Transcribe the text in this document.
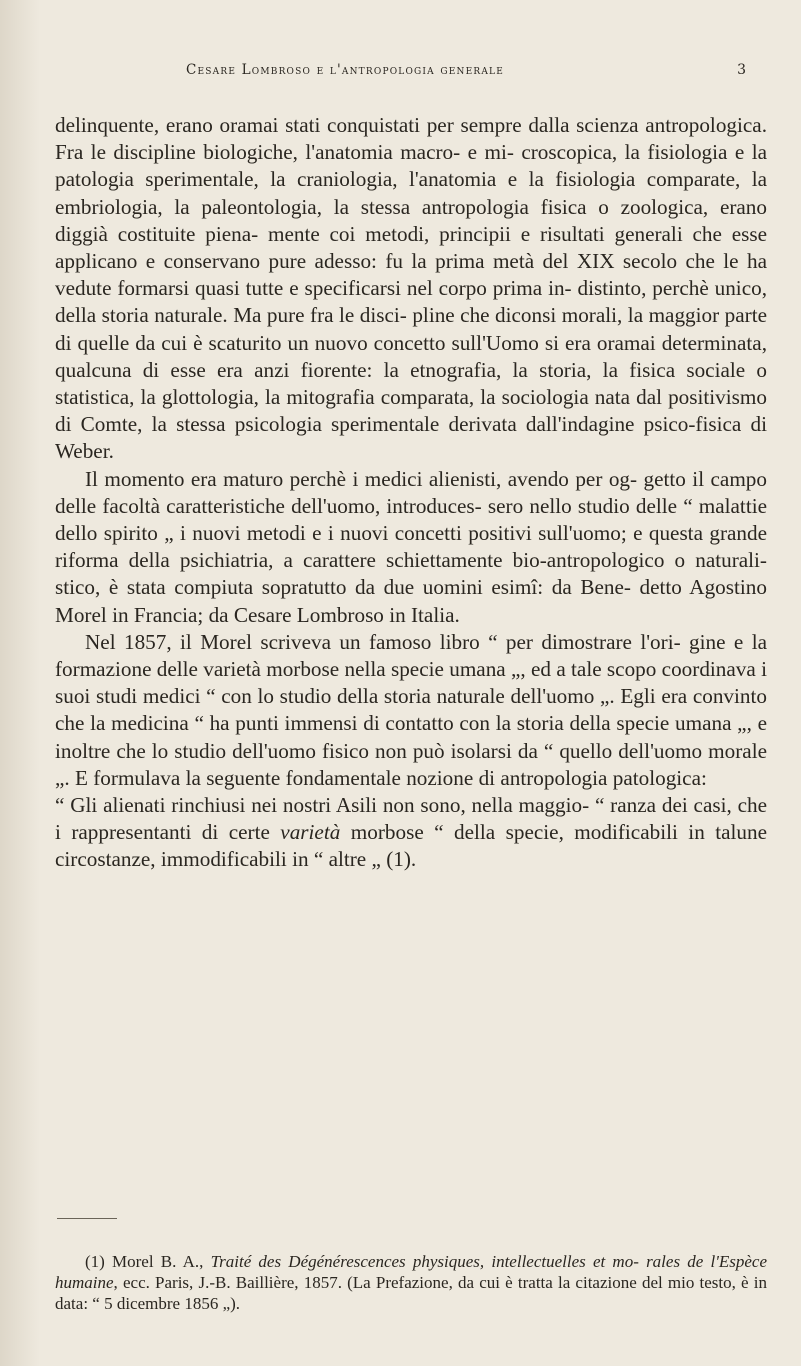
Cesare Lombroso e l'antropologia generale	3

delinquente, erano oramai stati conquistati per sempre dalla scienza antropologica. Fra le discipline biologiche, l'anatomia macro- e mi- croscopica, la fisiologia e la patologia sperimentale, la craniologia, l'anatomia e la fisiologia comparate, la embriologia, la paleontologia, la stessa antropologia fisica o zoologica, erano diggià costituite piena- mente coi metodi, principii e risultati generali che esse applicano e conservano pure adesso: fu la prima metà del XIX secolo che le ha vedute formarsi quasi tutte e specificarsi nel corpo prima in- distinto, perchè unico, della storia naturale. Ma pure fra le disci- pline che diconsi morali, la maggior parte di quelle da cui è scaturito un nuovo concetto sull'Uomo si era oramai determinata, qualcuna di esse era anzi fiorente: la etnografia, la storia, la fisica sociale o statistica, la glottologia, la mitografia comparata, la sociologia nata dal positivismo di Comte, la stessa psicologia sperimentale derivata dall'indagine psico-fisica di Weber.

Il momento era maturo perchè i medici alienisti, avendo per og- getto il campo delle facoltà caratteristiche dell'uomo, introduces- sero nello studio delle “ malattie dello spirito „ i nuovi metodi e i nuovi concetti positivi sull'uomo; e questa grande riforma della psichiatria, a carattere schiettamente bio-antropologico o naturali- stico, è stata compiuta sopratutto da due uomini esimî: da Bene- detto Agostino Morel in Francia; da Cesare Lombroso in Italia.

Nel 1857, il Morel scriveva un famoso libro “ per dimostrare l'ori- gine e la formazione delle varietà morbose nella specie umana „, ed a tale scopo coordinava i suoi studi medici “ con lo studio della storia naturale dell'uomo „. Egli era convinto che la medicina “ ha punti immensi di contatto con la storia della specie umana „, e inoltre che lo studio dell'uomo fisico non può isolarsi da “ quello dell'uomo morale „. E formulava la seguente fondamentale nozione di antropologia patologica:

“ Gli alienati rinchiusi nei nostri Asili non sono, nella maggio- “ ranza dei casi, che i rappresentanti di certe varietà morbose “ della specie, modificabili in talune circostanze, immodificabili in “ altre „ (1).

(1) Morel B. A., Traité des Dégénérescences physiques, intellectuelles et mo- rales de l'Espèce humaine, ecc. Paris, J.-B. Baillière, 1857. (La Prefazione, da cui è tratta la citazione del mio testo, è in data: “ 5 dicembre 1856 „).
